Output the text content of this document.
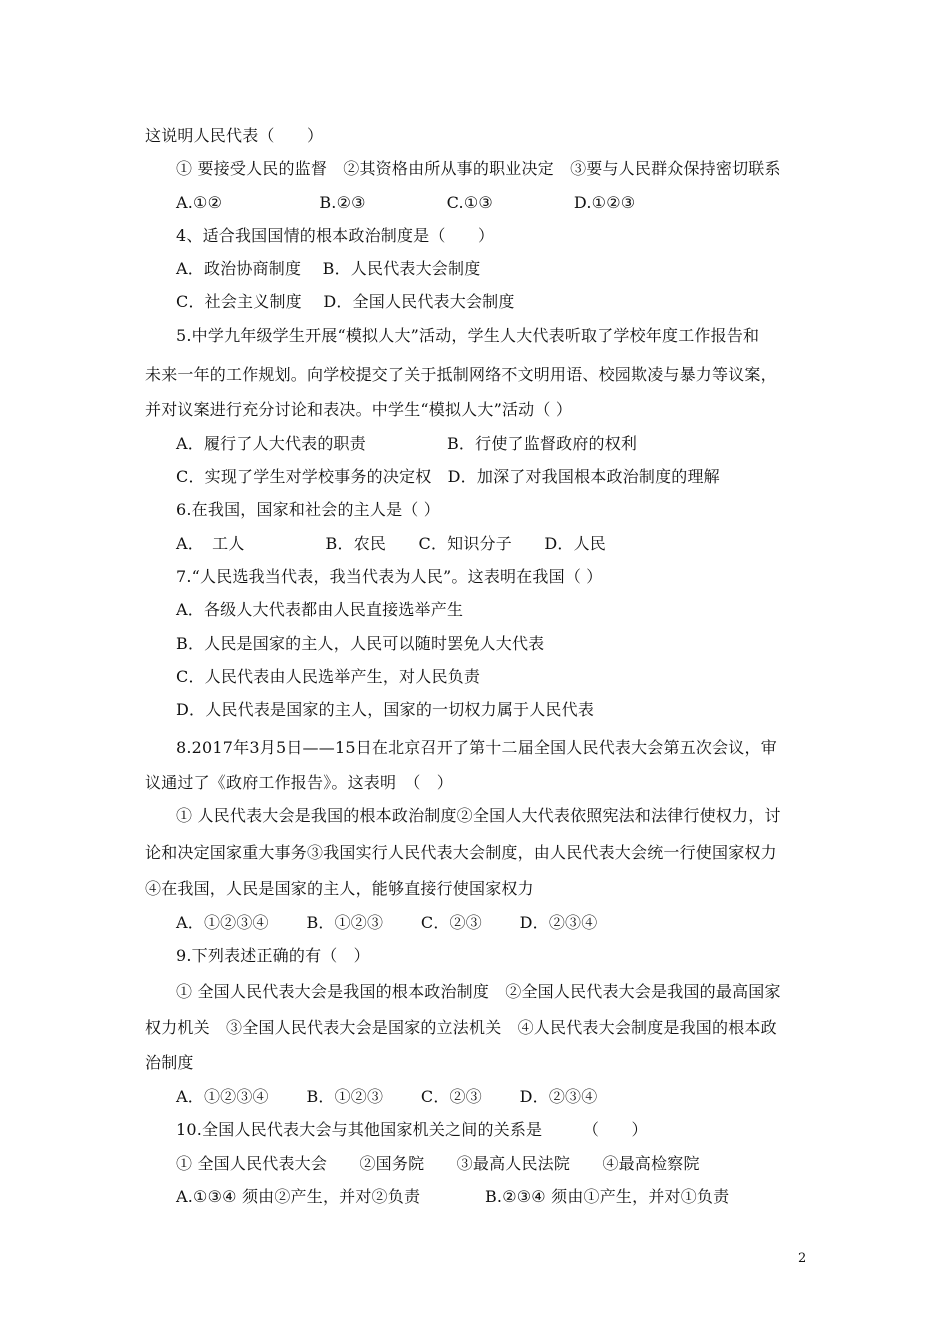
这说明人民代表（　　）
① 要接受人民的监督　②其资格由所从事的职业决定　③要与人民群众保持密切联系
A.①②　　　　　　B.②③　　　　　C.①③　　　　　D.①②③
4、适合我国国情的根本政治制度是（　　）
A．政治协商制度　 B．人民代表大会制度
C．社会主义制度　 D．全国人民代表大会制度
5.中学九年级学生开展“模拟人大”活动，学生人大代表听取了学校年度工作报告和
未来一年的工作规划。向学校提交了关于抵制网络不文明用语、校园欺凌与暴力等议案，
并对议案进行充分讨论和表决。中学生“模拟人大”活动（ ）
A．履行了人大代表的职责　　　　　B．行使了监督政府的权利
C．实现了学生对学校事务的决定权　D．加深了对我国根本政治制度的理解
6.在我国，国家和社会的主人是（ ）
A．　工人　　　　　B．农民　　C．知识分子　　D．人民
7.“人民选我当代表，我当代表为人民”。这表明在我国（ ）
A．各级人大代表都由人民直接选举产生
B．人民是国家的主人，人民可以随时罢免人大代表
C．人民代表由人民选举产生，对人民负责
D．人民代表是国家的主人，国家的一切权力属于人民代表
8.2017年3月5日——15日在北京召开了第十二届全国人民代表大会第五次会议，审
议通过了《政府工作报告》。这表明　（　）
① 人民代表大会是我国的根本政治制度②全国人大代表依照宪法和法律行使权力，讨
论和决定国家重大事务③我国实行人民代表大会制度，由人民代表大会统一行使国家权力
④在我国，人民是国家的主人，能够直接行使国家权力
A．①②③④　　 B．①②③　　 C．②③　　 D．②③④
9.下列表述正确的有（　）
① 全国人民代表大会是我国的根本政治制度　②全国人民代表大会是我国的最高国家
权力机关　③全国人民代表大会是国家的立法机关　④人民代表大会制度是我国的根本政
治制度
A．①②③④　　 B．①②③　　 C．②③　　 D．②③④
10.全国人民代表大会与其他国家机关之间的关系是　　　（　　）
① 全国人民代表大会　　②国务院　　③最高人民法院　　④最高检察院
A.①③④ 须由②产生，并对②负责　　　　B.②③④ 须由①产生，并对①负责
2
